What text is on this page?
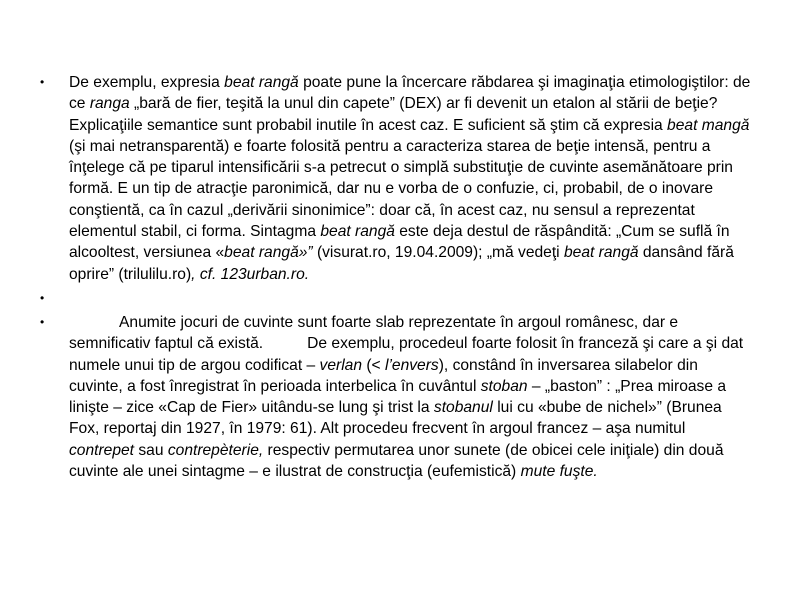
• De exemplu, expresia beat rangă poate pune la încercare răbdarea şi imaginaţia etimologiştilor: de ce ranga „bară de fier, teşită la unul din capete” (DEX) ar fi devenit un etalon al stării de beţie? Explicaţiile semantice sunt probabil inutile în acest caz. E suficient să ştim că expresia beat mangă (şi mai netransparentă) e foarte folosită pentru a caracteriza starea de beţie intensă, pentru a înţelege că pe tiparul intensificării s-a petrecut o simplă substituţie de cuvinte asemănătoare prin formă. E un tip de atracţie paronimică, dar nu e vorba de o confuzie, ci, probabil, de o inovare conştientă, ca în cazul „derivării sinonimice”: doar că, în acest caz, nu sensul a reprezentat elementul stabil, ci forma. Sintagma beat rangă este deja destul de răspândită: „Cum se suflă în alcooltest, versiunea «beat rangă»” (visurat.ro, 19.04.2009); „mă vedeţi beat rangă dansând fără oprire” (trilulilu.ro), cf. 123urban.ro.
•
•	Anumite jocuri de cuvinte sunt foarte slab reprezentate în argoul românesc, dar e semnificativ faptul că există.	De exemplu, procedeul foarte folosit în franceză şi care a şi dat numele unui tip de argou codificat – verlan (< l’envers), constând în inversarea silabelor din cuvinte, a fost înregistrat în perioada interbelica în cuvântul stoban – „baston” : „Prea miroase a linişte – zice «Cap de Fier» uitându-se lung şi trist la stobanul lui cu «bube de nichel»” (Brunea Fox, reportaj din 1927, în 1979: 61). Alt procedeu frecvent în argoul francez – aşa numitul contrepet sau contrepèterie, respectiv permutarea unor sunete (de obicei cele iniţiale) din două cuvinte ale unei sintagme – e ilustrat de construcţia (eufemistică) mute fuşte.
